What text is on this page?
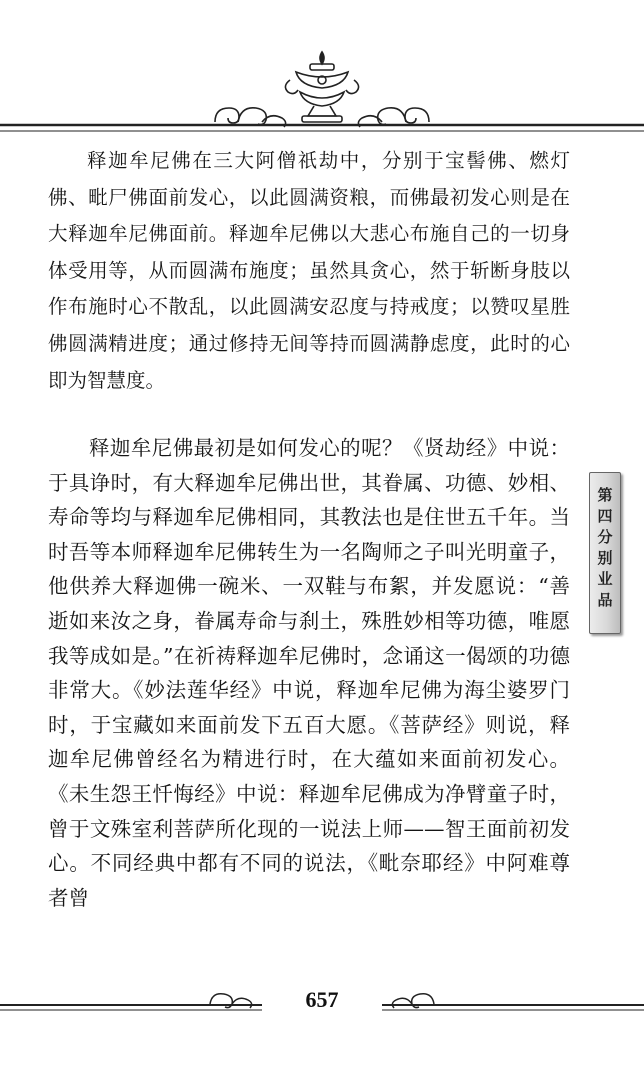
释迦牟尼佛在三大阿僧祇劫中，分别于宝髻佛、燃灯佛、毗尸佛面前发心，以此圆满资粮，而佛最初发心则是在大释迦牟尼佛面前。释迦牟尼佛以大悲心布施自己的一切身体受用等，从而圆满布施度；虽然具贪心，然于斩断身肢以作布施时心不散乱，以此圆满安忍度与持戒度；以赞叹星胜佛圆满精进度；通过修持无间等持而圆满静虑度，此时的心即为智慧度。

释迦牟尼佛最初是如何发心的呢？《贤劫经》中说：于具诤时，有大释迦牟尼佛出世，其眷属、功德、妙相、寿命等均与释迦牟尼佛相同，其教法也是住世五千年。当时吾等本师释迦牟尼佛转生为一名陶师之子叫光明童子，他供养大释迦佛一碗米、一双鞋与布絮，并发愿说：“善逝如来汝之身，眷属寿命与刹土，殊胜妙相等功德，唯愿我等成如是。”在祈祷释迦牟尼佛时，念诵这一偈颂的功德非常大。《妙法莲华经》中说，释迦牟尼佛为海尘婆罗门时，于宝藏如来面前发下五百大愿。《菩萨经》则说，释迦牟尼佛曾经名为精进行时，在大蕴如来面前初发心。《未生怨王忏悔经》中说：释迦牟尼佛成为净臂童子时，曾于文殊室利菩萨所化现的一说法上师——智王面前初发心。不同经典中都有不同的说法，《毗奈耶经》中阿难尊者曾

第
四
分
别
业
品
657
